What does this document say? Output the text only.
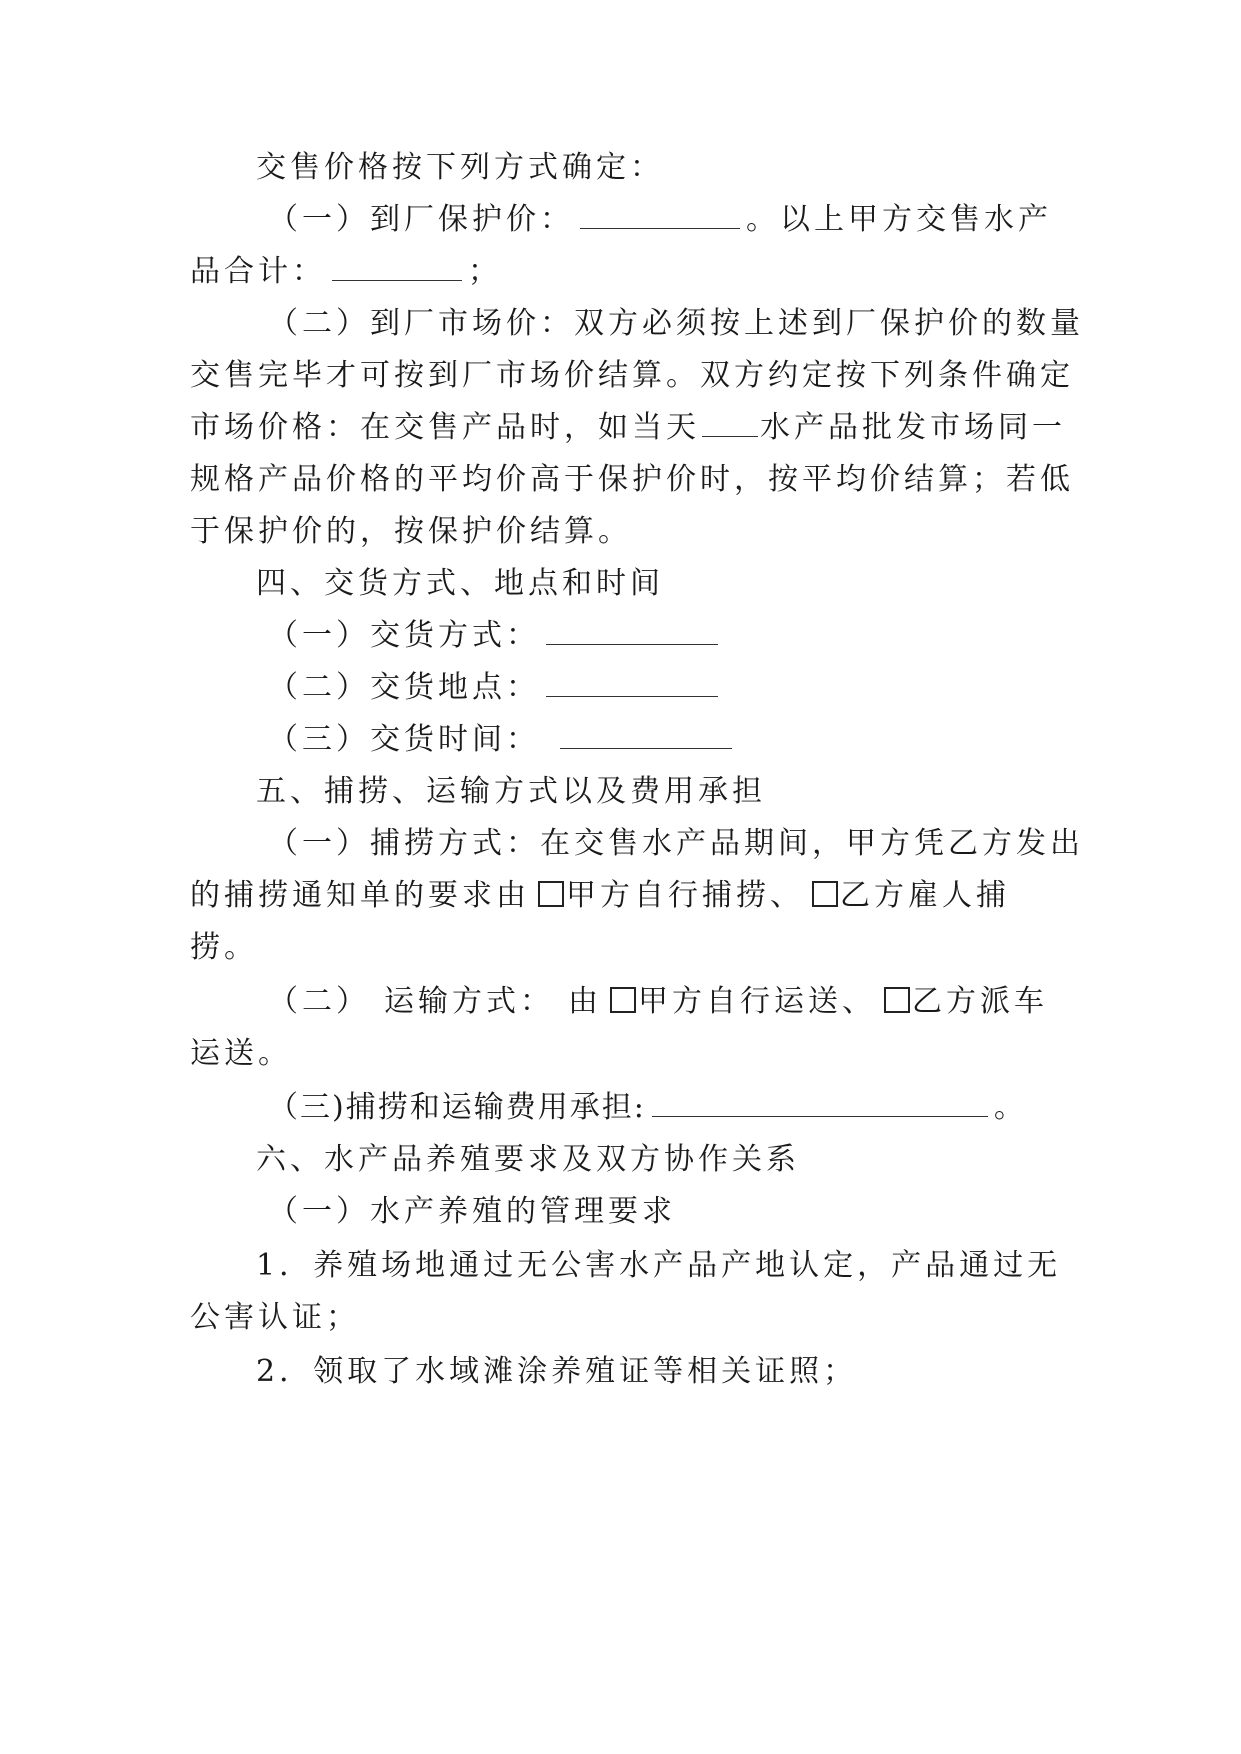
交售价格按下列方式确定：
（一）到厂保护价：	。以上甲方交售水产
品合计：	；
（二）到厂市场价：双方必须按上述到厂保护价的数量
交售完毕才可按到厂市场价结算。双方约定按下列条件确定
市场价格：在交售产品时，如当天 水产品批发市场同一
规格产品价格的平均价高于保护价时，按平均价结算；若低
于保护价的，按保护价结算。
四、交货方式、地点和时间
（一）交货方式：
（二）交货地点：
（三）交货时间：
五、捕捞、运输方式以及费用承担
（一）捕捞方式：在交售水产品期间，甲方凭乙方发出
的捕捞通知单的要求由 甲方自行捕捞、 乙方雇人捕
捞。
（二） 运输方式： 由 甲方自行运送、 乙方派车
运送。
（三)捕捞和运输费用承担:	。
六、水产品养殖要求及双方协作关系
（一）水产养殖的管理要求
1．养殖场地通过无公害水产品产地认定，产品通过无
公害认证；
2．领取了水域滩涂养殖证等相关证照；
